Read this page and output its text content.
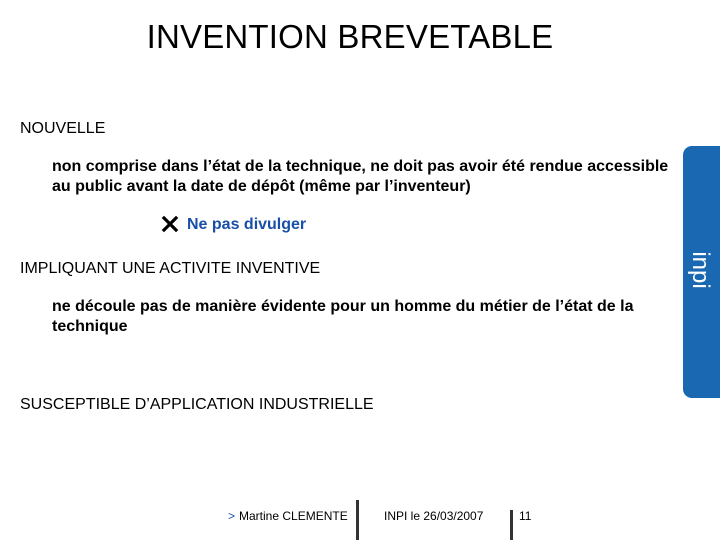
INVENTION BREVETABLE
NOUVELLE
non comprise dans l’état de la technique, ne doit pas avoir été rendue accessible au public avant la date de dépôt (même par l’inventeur)
Ne pas divulger
IMPLIQUANT UNE ACTIVITE INVENTIVE
ne découle pas de manière évidente pour un homme du métier de l’état de la technique
SUSCEPTIBLE D’APPLICATION INDUSTRIELLE
inpi
> Martine CLEMENTE	INPI le 26/03/2007	11
